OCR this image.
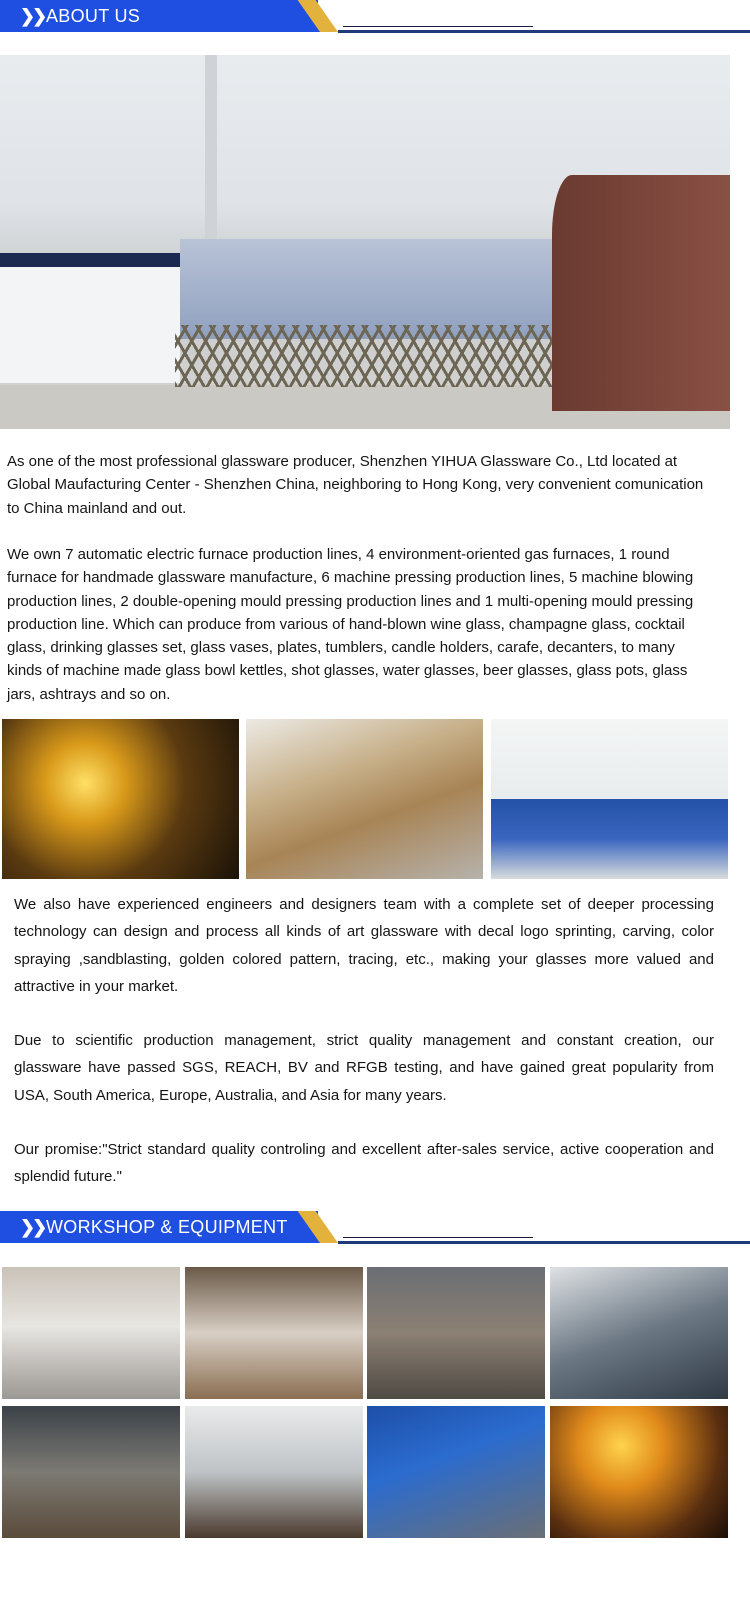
❯❯ ABOUT US

As one of the most professional glassware producer, Shenzhen YIHUA Glassware Co., Ltd located at Global Maufacturing Center - Shenzhen China, neighboring to Hong Kong, very convenient comunication to China mainland and out.

We own 7 automatic electric furnace production lines, 4 environment-oriented gas furnaces, 1 round furnace for handmade glassware manufacture, 6 machine pressing production lines, 5 machine blowing production lines, 2 double-opening mould pressing production lines and 1 multi-opening mould pressing production line. Which can produce from various of hand-blown wine glass, champagne glass, cocktail glass, drinking glasses set, glass vases, plates, tumblers, candle holders, carafe, decanters, to many kinds of machine made glass bowl kettles, shot glasses, water glasses, beer glasses, glass pots, glass jars, ashtrays and so on.

We also have experienced engineers and designers team with a complete set of deeper processing technology can design and process all kinds of art glassware with decal logo sprinting, carving, color spraying ,sandblasting, golden colored pattern, tracing, etc., making your glasses more valued and attractive in your market.

Due to scientific production management, strict quality management and constant creation, our glassware have passed SGS, REACH, BV and RFGB testing, and have gained great popularity from USA, South America, Europe, Australia, and Asia for many years.

Our promise:"Strict standard quality controling and excellent after-sales service, active cooperation and splendid future."

❯❯ WORKSHOP & EQUIPMENT
